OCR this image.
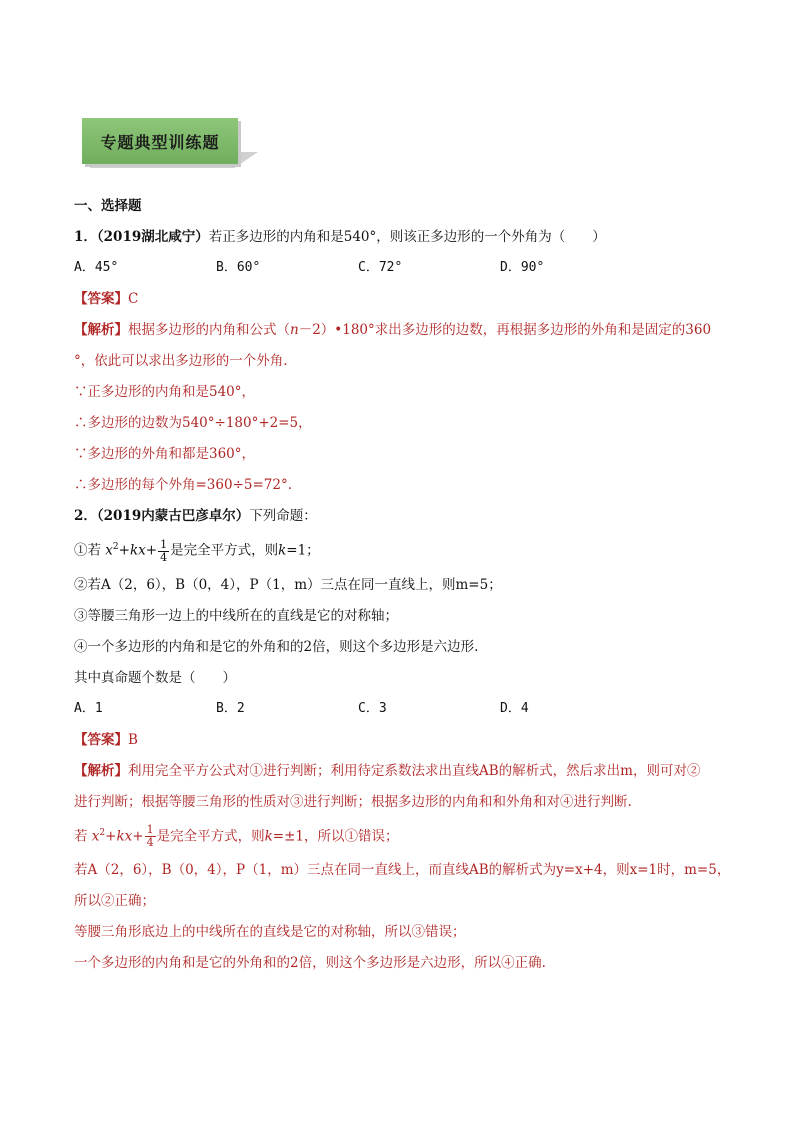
专题典型训练题
一、选择题
1．（2019湖北咸宁）若正多边形的内角和是540°，则该正多边形的一个外角为（　　）
A．45°	B．60°	C．72°	D．90°
【答案】C
【解析】根据多边形的内角和公式（n－2）•180°求出多边形的边数，再根据多边形的外角和是固定的360
°，依此可以求出多边形的一个外角.
∵正多边形的内角和是540°，
∴多边形的边数为540°÷180°+2=5，
∵多边形的外角和都是360°，
∴多边形的每个外角=360÷5=72°.
2．（2019内蒙古巴彦卓尔）下列命题：
①若 $x^2+kx+ \frac{1}{4}$ 是完全平方式，则k=1；
②若A（2，6），B（0，4），P（1，m）三点在同一直线上，则m=5；
③等腰三角形一边上的中线所在的直线是它的对称轴；
④一个多边形的内角和是它的外角和的2倍，则这个多边形是六边形.
其中真命题个数是（　　）
A．1	B．2	C．3	D．4
【答案】B
【解析】利用完全平方公式对①进行判断；利用待定系数法求出直线AB的解析式，然后求出m，则可对②
进行判断；根据等腰三角形的性质对③进行判断；根据多边形的内角和和外角和对④进行判断.
若 $x^2+kx+ \frac{1}{4}$ 是完全平方式，则k=±1，所以①错误；
若A（2，6），B（0，4），P（1，m）三点在同一直线上，而直线AB的解析式为y=x+4，则x=1时，m=5，
所以②正确；
等腰三角形底边上的中线所在的直线是它的对称轴，所以③错误；
一个多边形的内角和是它的外角和的2倍，则这个多边形是六边形，所以④正确.
